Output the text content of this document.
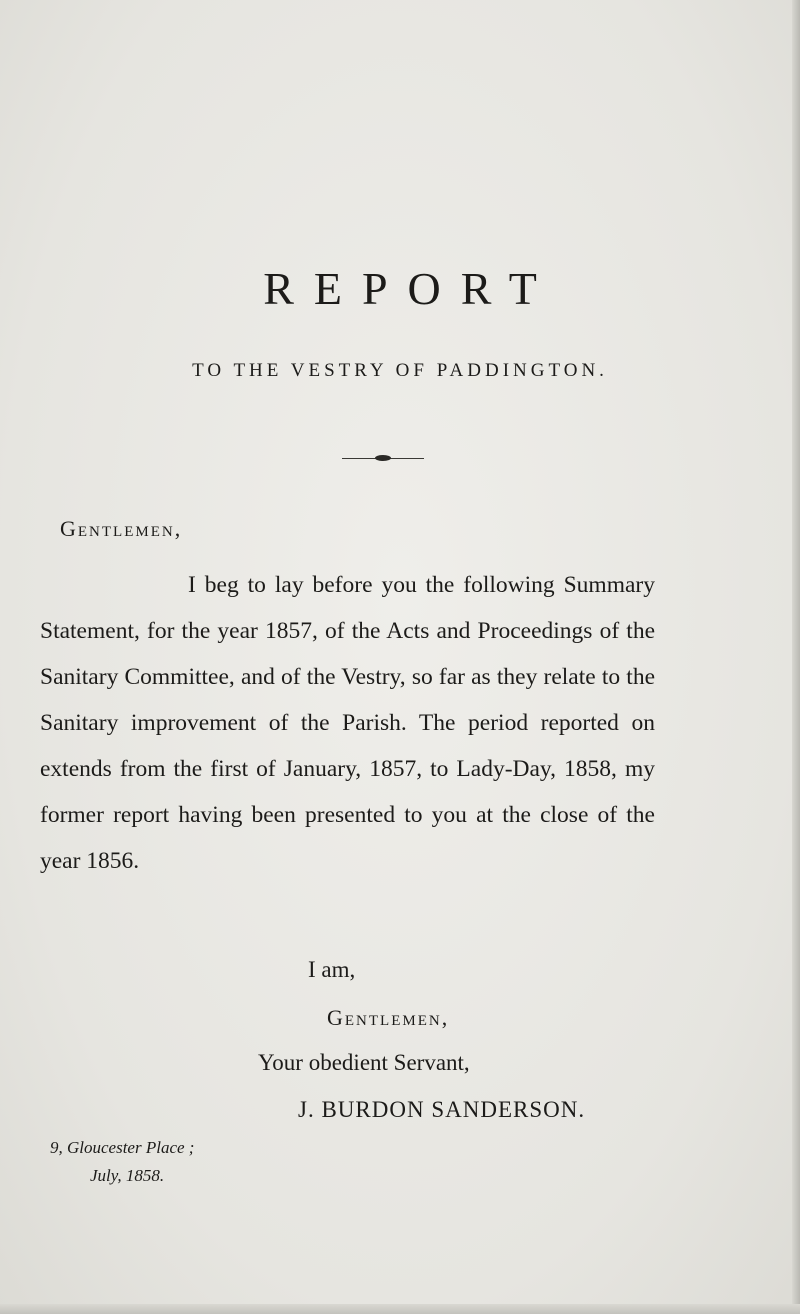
REPORT
TO THE VESTRY OF PADDINGTON.
Gentlemen,

I beg to lay before you the following Summary Statement, for the year 1857, of the Acts and Proceedings of the Sanitary Committee, and of the Vestry, so far as they relate to the Sanitary improvement of the Parish. The period reported on extends from the first of January, 1857, to Lady-Day, 1858, my former report having been presented to you at the close of the year 1856.

I am,
Gentlemen,
Your obedient Servant,
J. BURDON SANDERSON.
9, Gloucester Place ;
July, 1858.
